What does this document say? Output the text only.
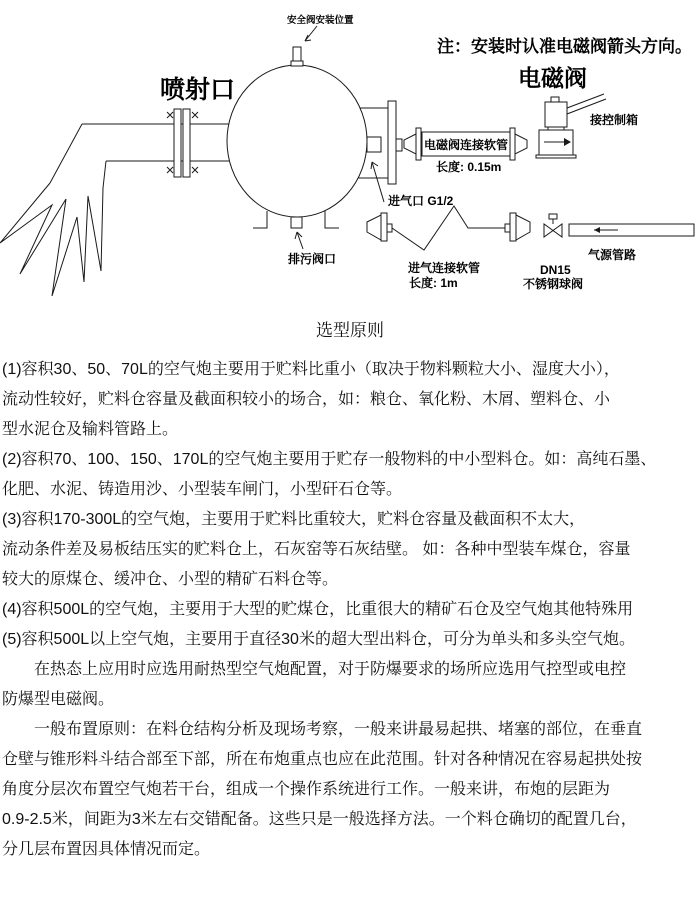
安全阀安装位置
喷射口
注：安装时认准电磁阀箭头方向。
电磁阀
电磁阀连接软管
长度: 0.15m
接控制箱
进气口 G1/2
排污阀口
进气连接软管
长度: 1m
DN15
不锈钢球阀
气源管路
选型原则
(1)容积30、50、70L的空气炮主要用于贮料比重小（取决于物料颗粒大小、湿度大小），
流动性较好，贮料仓容量及截面积较小的场合，如：粮仓、氧化粉、木屑、塑料仓、小
型水泥仓及输料管路上。
(2)容积70、100、150、170L的空气炮主要用于贮存一般物料的中小型料仓。如：高纯石墨、
化肥、水泥、铸造用沙、小型装车闸门，小型矸石仓等。
(3)容积170-300L的空气炮，主要用于贮料比重较大，贮料仓容量及截面积不太大，
流动条件差及易板结压实的贮料仓上，石灰窑等石灰结壁。 如：各种中型装车煤仓，容量
较大的原煤仓、缓冲仓、小型的精矿石料仓等。
(4)容积500L的空气炮，主要用于大型的贮煤仓，比重很大的精矿石仓及空气炮其他特殊用
(5)容积500L以上空气炮，主要用于直径30米的超大型出料仓，可分为单头和多头空气炮。
　　在热态上应用时应选用耐热型空气炮配置，对于防爆要求的场所应选用气控型或电控
防爆型电磁阀。
　　一般布置原则：在料仓结构分析及现场考察，一般来讲最易起拱、堵塞的部位，在垂直
仓壁与锥形料斗结合部至下部，所在布炮重点也应在此范围。针对各种情况在容易起拱处按
角度分层次布置空气炮若干台，组成一个操作系统进行工作。一般来讲，布炮的层距为
0.9-2.5米，间距为3米左右交错配备。这些只是一般选择方法。一个料仓确切的配置几台，
分几层布置因具体情况而定。
